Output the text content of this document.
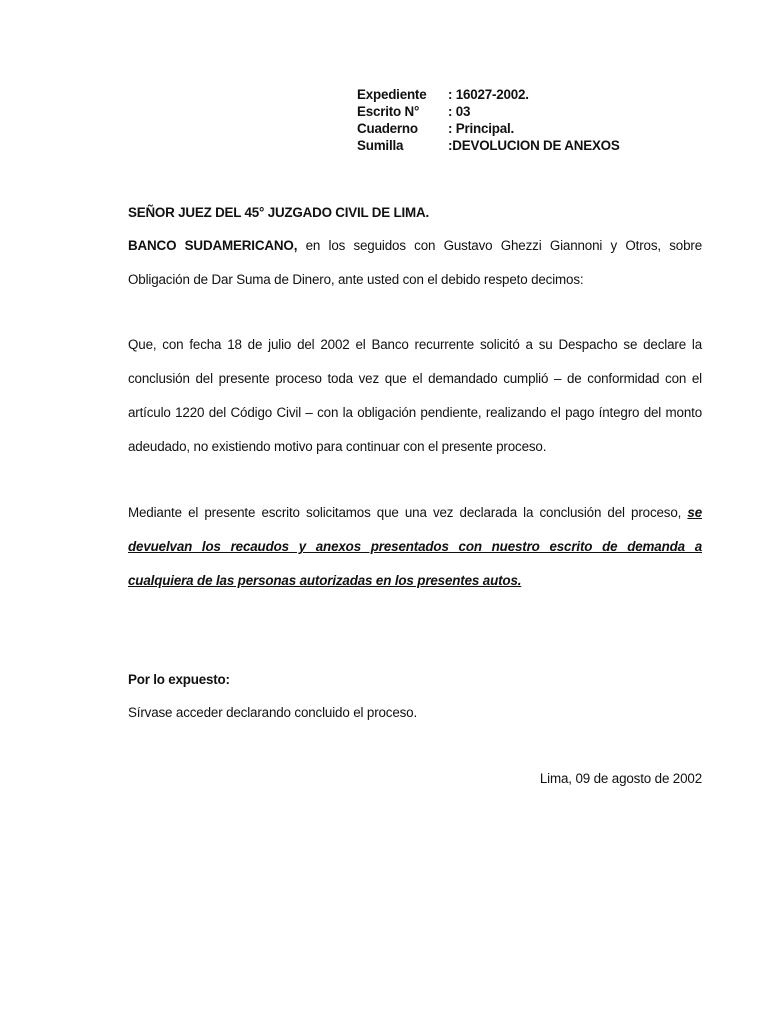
Expediente	: 16027-2002.
Escrito N°	: 03
Cuaderno	: Principal.
Sumilla	:DEVOLUCION DE ANEXOS
SEÑOR JUEZ DEL 45° JUZGADO CIVIL DE LIMA.
BANCO SUDAMERICANO, en los seguidos con Gustavo Ghezzi Giannoni y Otros, sobre Obligación de Dar Suma de Dinero, ante usted con el debido respeto decimos:
Que, con fecha 18 de julio del 2002 el Banco recurrente solicitó a su Despacho se declare la conclusión del presente proceso toda vez que el demandado cumplió – de conformidad con el artículo 1220 del Código Civil – con la obligación pendiente, realizando el pago íntegro del monto adeudado, no existiendo motivo para continuar con el presente proceso.
Mediante el presente escrito solicitamos que una vez declarada la conclusión del proceso, se devuelvan los recaudos y anexos presentados con nuestro escrito de demanda a cualquiera de las personas autorizadas en los presentes autos.
Por lo expuesto:
Sírvase acceder declarando concluido el proceso.
Lima, 09 de agosto de 2002
